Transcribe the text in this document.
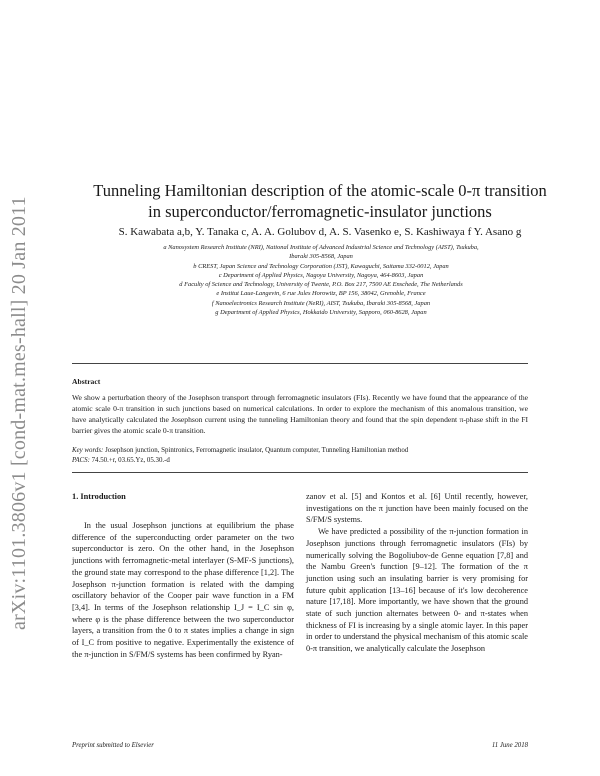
arXiv:1101.3806v1 [cond-mat.mes-hall] 20 Jan 2011
Tunneling Hamiltonian description of the atomic-scale 0-π transition
in superconductor/ferromagnetic-insulator junctions
S. Kawabata a,b, Y. Tanaka c, A. A. Golubov d, A. S. Vasenko e, S. Kashiwaya f Y. Asano g
a Nanosystem Research Institute (NRI), National Institute of Advanced Industrial Science and Technology (AIST), Tsukuba,
Ibaraki 305-8568, Japan
b CREST, Japan Science and Technology Corporation (JST), Kawaguchi, Saitama 332-0012, Japan
c Department of Applied Physics, Nagoya University, Nagoya, 464-8603, Japan
d Faculty of Science and Technology, University of Twente, P.O. Box 217, 7500 AE Enschede, The Netherlands
e Institut Laue-Langevin, 6 rue Jules Horowitz, BP 156, 38042, Grenoble, France
f Nanoelectronics Research Institute (NeRI), AIST, Tsukuba, Ibaraki 305-8568, Japan
g Department of Applied Physics, Hokkaido University, Sapporo, 060-8628, Japan
Abstract
We show a perturbation theory of the Josephson transport through ferromagnetic insulators (FIs). Recently we have found that the appearance of the atomic scale 0-π transition in such junctions based on numerical calculations. In order to explore the mechanism of this anomalous transition, we have analytically calculated the Josephson current using the tunneling Hamiltonian theory and found that the spin dependent π-phase shift in the FI barrier gives the atomic scale 0-π transition.
Key words: Josephson junction, Spintronics, Ferromagnetic insulator, Quantum computer, Tunneling Hamiltonian method
PACS: 74.50.+r, 03.65.Yz, 05.30.-d
1. Introduction

In the usual Josephson junctions at equilibrium the phase difference of the superconducting order parameter on the two superconductor is zero. On the other hand, in the Josephson junctions with ferromagnetic-metal interlayer (S-MF-S junctions), the ground state may correspond to the phase difference [1,2]. The Josephson π-junction formation is related with the damping oscillatory behavior of the Cooper pair wave function in a FM [3,4]. In terms of the Josephson relationship I_J = I_C sin φ, where φ is the phase difference between the two superconductor layers, a transition from the 0 to π states implies a change in sign of I_C from positive to negative. Experimentally the existence of the π-junction in S/FM/S systems has been confirmed by Ryan-

zanov et al. [5] and Kontos et al. [6] Until recently, however, investigations on the π junction have been mainly focused on the S/FM/S systems.

We have predicted a possibility of the π-junction formation in Josephson junctions through ferromagnetic insulators (FIs) by numerically solving the Bogoliubov-de Genne equation [7,8] and the Nambu Green's function [9–12]. The formation of the π junction using such an insulating barrier is very promising for future qubit application [13–16] because of it's low decoherence nature [17,18]. More importantly, we have shown that the ground state of such junction alternates between 0- and π-states when thickness of FI is increasing by a single atomic layer. In this paper in order to understand the physical mechanism of this atomic scale 0-π transition, we analytically calculate the Josephson

Preprint submitted to Elsevier	11 June 2018
